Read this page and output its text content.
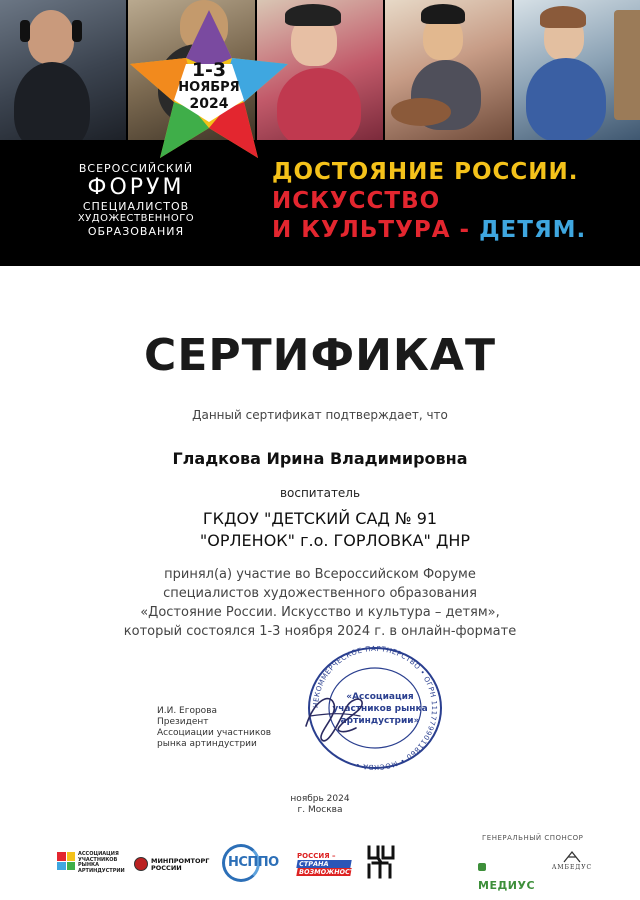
1-3
НОЯБРЯ
2024
ВСЕРОССИЙСКИЙ
ФОРУМ
СПЕЦИАЛИСТОВ
ХУДОЖЕСТВЕННОГО
ОБРАЗОВАНИЯ
ДОСТОЯНИЕ РОССИИ.
ИСКУССТВО
И КУЛЬТУРА - ДЕТЯМ.
СЕРТИФИКАТ
Данный сертификат подтверждает, что
Гладкова Ирина Владимировна
воспитатель
ГКДОУ "ДЕТСКИЙ САД № 91
"ОРЛЕНОК" г.о. ГОРЛОВКА" ДНР
принял(а) участие во Всероссийском Форуме
специалистов художественного образования
«Достояние России. Искусство и культура – детям»,
который состоялся 1-3 ноября 2024 г. в онлайн-формате
И.И. Егорова
Президент
Ассоциации участников
рынка артиндустрии
НЕКОММЕРЧЕСКОЕ ПАРТНЕРСТВО • ОГРН 1117799011860 • МОСКВА •
«Ассоциация
участников рынка
артиндустрии»
ноябрь 2024
г. Москва
ГЕНЕРАЛЬНЫЙ СПОНСОР
АССОЦИАЦИЯ УЧАСТНИКОВ РЫНКА АРТИНДУСТРИИ
МИНПРОМТОРГ
РОССИИ	НСППО	РОССИЯ –
СТРАНА
ВОЗМОЖНОСТЕЙ
МЕДИУС
АМБЕДУС
